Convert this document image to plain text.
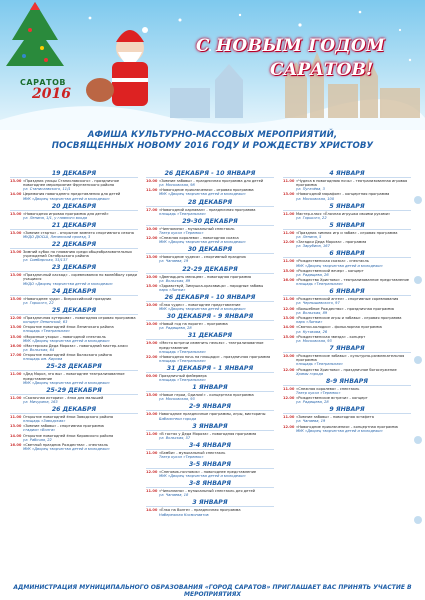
САРАТОВ
2016
С НОВЫМ ГОДОМ
САРАТОВ!
АФИША КУЛЬТУРНО-МАССОВЫХ МЕРОПРИЯТИЙ,
ПОСВЯЩЕННЫХ НОВОМУ 2016 ГОДУ И РОЖДЕСТВУ ХРИСТОВУ
19 ДЕКАБРЯ
13.00 «Праздник улицы Станиславского» - праздничное новогоднее мероприятие Фрунзенского района
ул. Станиславского, 11/1
14.00 Церемония новогоднего представления для детей
МУК «Дворец творчества детей и молодежи»
20 ДЕКАБРЯ
13.00 «Новогодняя игровая программа для детей»
ул. Ленина, 1/1, у главного входа
21 ДЕКАБРЯ
13.00 «Зимние старты» - открытие зимнего спортивного сезона
МУДО ДЮСШ, Ленинский проезд, 3
22 ДЕКАБРЯ
13.00 Зимний кубок по плаванию среди общеобразовательных учреждений Октябрьского района
ул. Симбирская, 33/137
23 ДЕКАБРЯ
13.00 «Праздничный каскад» - соревнования по волейболу среди учащихся
МУДО «Дворец творчества детей и молодежи»
24 ДЕКАБРЯ
15.00 «Новогоднее чудо» - Всероссийский праздник
ул. Горького, 22
25 ДЕКАБРЯ
12.00 «Праздничная кутерьма» - новогодняя игровая программа
концерт Ленинской, 63
13.00 Открытие новогодней ёлки Ленинского района
площадь «Театральная»
15.00 «Морозные узоры» - новогодний спектакль
МУК «Дворец творчества детей и молодежи»
16.00 «Мастерская Деда Мороза» - новогодний мастер-класс
ул. Вольская, 64
17.00 Открытие новогодней ёлки Волжского района
площадь им. Кирова
25-28 ДЕКАБРЯ
11.00 «Дед Мороз, это вы» - новогоднее театрализованное представление
МУК «Дворец творчества детей и молодежи»
25-29 ДЕКАБРЯ
11.00 «Сказочная история» - ёлка для малышей
ул. Мичурина, 163
26 ДЕКАБРЯ
11.00 Открытие новогодней ёлки Заводского района
площадь «Заводская»
13.00 «Зимние забавы» - спортивная программа
стадион «Волга»
14.00 Открытие новогодней ёлки Кировского района
ул. Рабочая, 22
16.00 «Светлый праздник Рождества» - спектакль
МУК «Дворец творчества детей и молодежи»
26 ДЕКАБРЯ - 10 ЯНВАРЯ
10.00 «Зимние забавы» - праздничная программа для детей
ул. Московская, 98
11.00 «Новогодние приключения» - игровая программа
МУК «Дворец творчества детей и молодежи»
28 ДЕКАБРЯ
17.00 «Новогодний карнавал» - праздничная программа
площадь «Театральная»
29-30 ДЕКАБРЯ
10.00 «Чипполино» - музыкальный спектакль
Театр кукол «Теремок»
12.00 «Снежная королева» - новогодняя сказка
МУК «Дворец творчества детей и молодежи»
30 ДЕКАБРЯ
13.00 «Новогодние чудеса» - спортивный праздник
ул. Чапаева, 19
22-29 ДЕКАБРЯ
10.00 «Двенадцать месяцев» - новогодняя программа
ул. Вольская, 89
15.00 «Здравствуй, Зимушка-красавица» - народные забавы
парк «Липки»
26 ДЕКАБРЯ - 10 ЯНВАРЯ
10.00 «Ёлка чудес» - новогоднее представление
МУК «Дворец творчества детей и молодежи»
30 ДЕКАБРЯ - 9 ЯНВАРЯ
10.00 «Новый год на пороге» - программа
ул. Радищева, 28
31 ДЕКАБРЯ
19.00 «Место встречи изменить нельзя» - театрализованное представление
площадь «Театральная»
22.00 «Новогодняя ночь на площади» - праздничная программа
площадь «Театральная»
31 ДЕКАБРЯ - 1 ЯНВАРЯ
00.00 Праздничный фейерверк
площадь «Театральная»
1 ЯНВАРЯ
15.00 «Новые герои, Одилия!» - концертная программа
ул. Московская, 93
2-9 ЯНВАРЯ
10.00 Новогодние праздничные программы, игры, викторины
Библиотеки города
3 ЯНВАРЯ
11.00 «В гостях у Деда Мороза» - новогодняя программа
ул. Вольская, 57
3-4 ЯНВАРЯ
11.00 «Бэмби» - музыкальный спектакль
Театр кукол «Теремок»
3-5 ЯНВАРЯ
12.00 «Снеговик-почтовик» - новогоднее представление
МУК «Дворец творчества детей и молодежи»
3-8 ЯНВАРЯ
11.00 «Чиполлино» - музыкальный спектакль для детей
ул. Чапаева, 18
3 ЯНВАРЯ
14.00 «Ёлка на Волге» - праздничная программа
Набережная Космонавтов
4 ЯНВАРЯ
11.00 «Чудеса в новогоднюю ночь» - театрализованная игровая программа
ул. Пугачёва, 3
13.00 «Новогодний марафон» - концертная программа
ул. Московская, 100
5 ЯНВАРЯ
11.00 Мастер-класс «Ёлочная игрушка своими руками»
ул. Горького, 22
5 ЯНВАРЯ
11.00 «Праздник зимних игр и забав» - игровая программа
ул. Ленина, 5
12.00 «Загадки Деда Мороза» - программа
ул. Зарубина, 167
6 ЯНВАРЯ
11.00 «Рождественская сказка» - спектакль
МУК «Дворец творчества детей и молодежи»
15.00 «Рождественский вечер» - концерт
ул. Радищева, 26
16.00 «Рождество Христово» - театрализованное представление
площадь «Театральная»
6 ЯНВАРЯ
11.00 «Рождественский ангел» - спортивные соревнования
ул. Чернышевского, 97
12.00 «Волшебное Рождество» - праздничная программа
ул. Вольская, 89
13.00 «Рождественские игры и забавы» - игровая программа
парк «Липки»
14.00 «Святки-колядки» - фольклорная программа
ул. Кутякова, 26
15.00 «Рождественская звезда» - концерт
ул. Московская, 93
7 ЯНВАРЯ
10.00 «Рождественские забавы» - культурно-развлекательная программа
площадь «Театральная»
12.00 «Рождество Христово» - праздничное богослужение
Храмы города
8-9 ЯНВАРЯ
11.00 «Снежная королева» - спектакль
Театр кукол «Теремок»
12.00 «Рождественские встречи» - концерт
ул. Радищева, 28
9 ЯНВАРЯ
11.00 «Зимние забавы» - новогодняя эстафета
ул. Чапаева, 19
12.00 «Новогодние приключения» - концертная программа
МУК «Дворец творчества детей и молодежи»
АДМИНИСТРАЦИЯ МУНИЦИПАЛЬНОГО ОБРАЗОВАНИЯ «ГОРОД САРАТОВ» ПРИГЛАШАЕТ ВАС ПРИНЯТЬ УЧАСТИЕ В МЕРОПРИЯТИЯХ
